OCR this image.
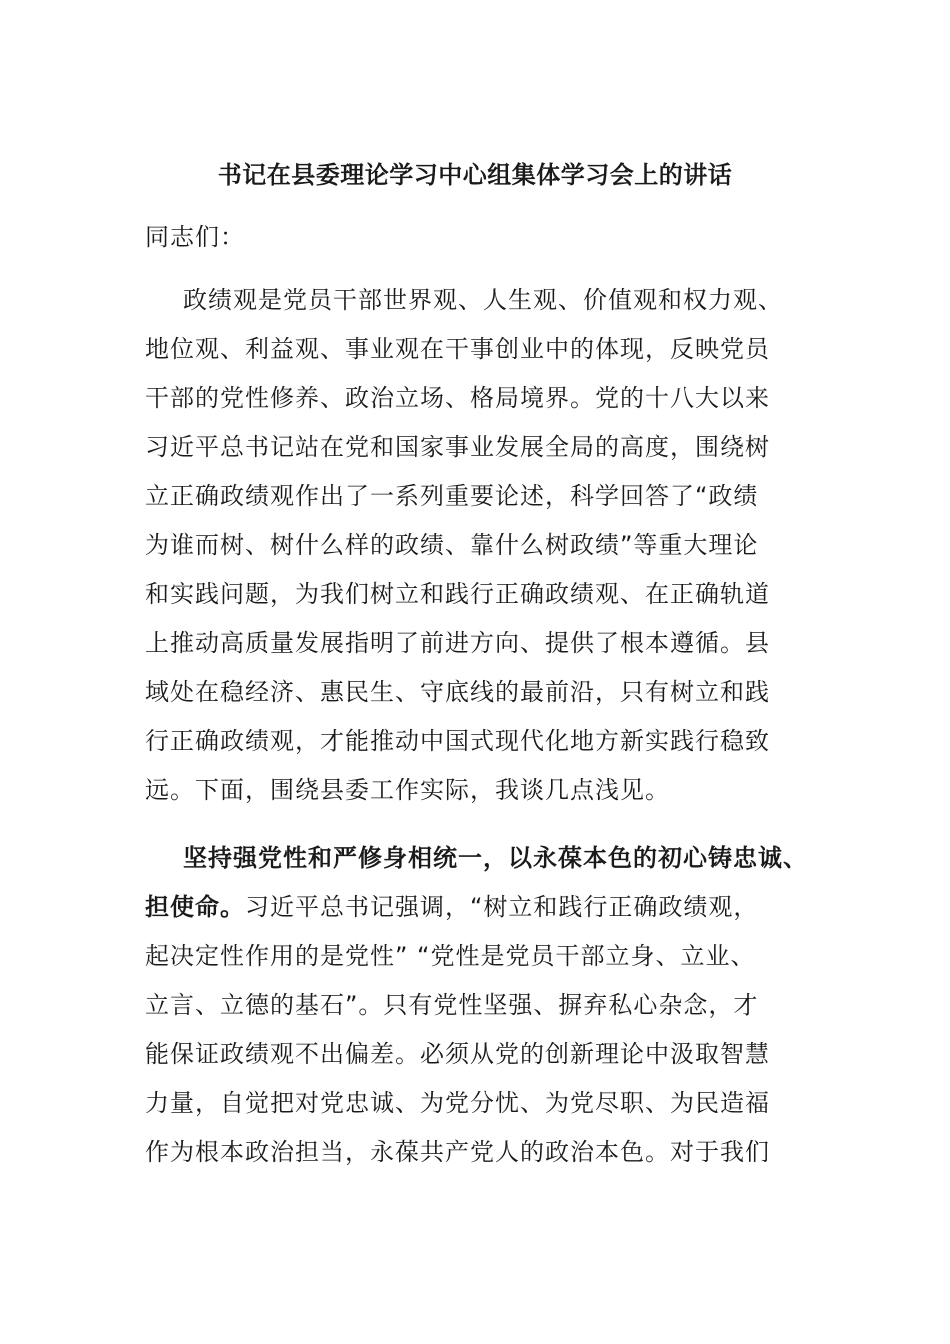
书记在县委理论学习中心组集体学习会上的讲话
同志们：
政绩观是党员干部世界观、人生观、价值观和权力观、
地位观、利益观、事业观在干事创业中的体现，反映党员
干部的党性修养、政治立场、格局境界。党的十八大以来
习近平总书记站在党和国家事业发展全局的高度，围绕树
立正确政绩观作出了一系列重要论述，科学回答了“政绩
为谁而树、树什么样的政绩、靠什么树政绩”等重大理论
和实践问题，为我们树立和践行正确政绩观、在正确轨道
上推动高质量发展指明了前进方向、提供了根本遵循。县
域处在稳经济、惠民生、守底线的最前沿，只有树立和践
行正确政绩观，才能推动中国式现代化地方新实践行稳致
远。下面，围绕县委工作实际，我谈几点浅见。
坚持强党性和严修身相统一，以永葆本色的初心铸忠诚、
担使命。习近平总书记强调，“树立和践行正确政绩观，
起决定性作用的是党性” “党性是党员干部立身、立业、
立言、立德的基石”。只有党性坚强、摒弃私心杂念，才
能保证政绩观不出偏差。必须从党的创新理论中汲取智慧
力量，自觉把对党忠诚、为党分忧、为党尽职、为民造福
作为根本政治担当，永葆共产党人的政治本色。对于我们
